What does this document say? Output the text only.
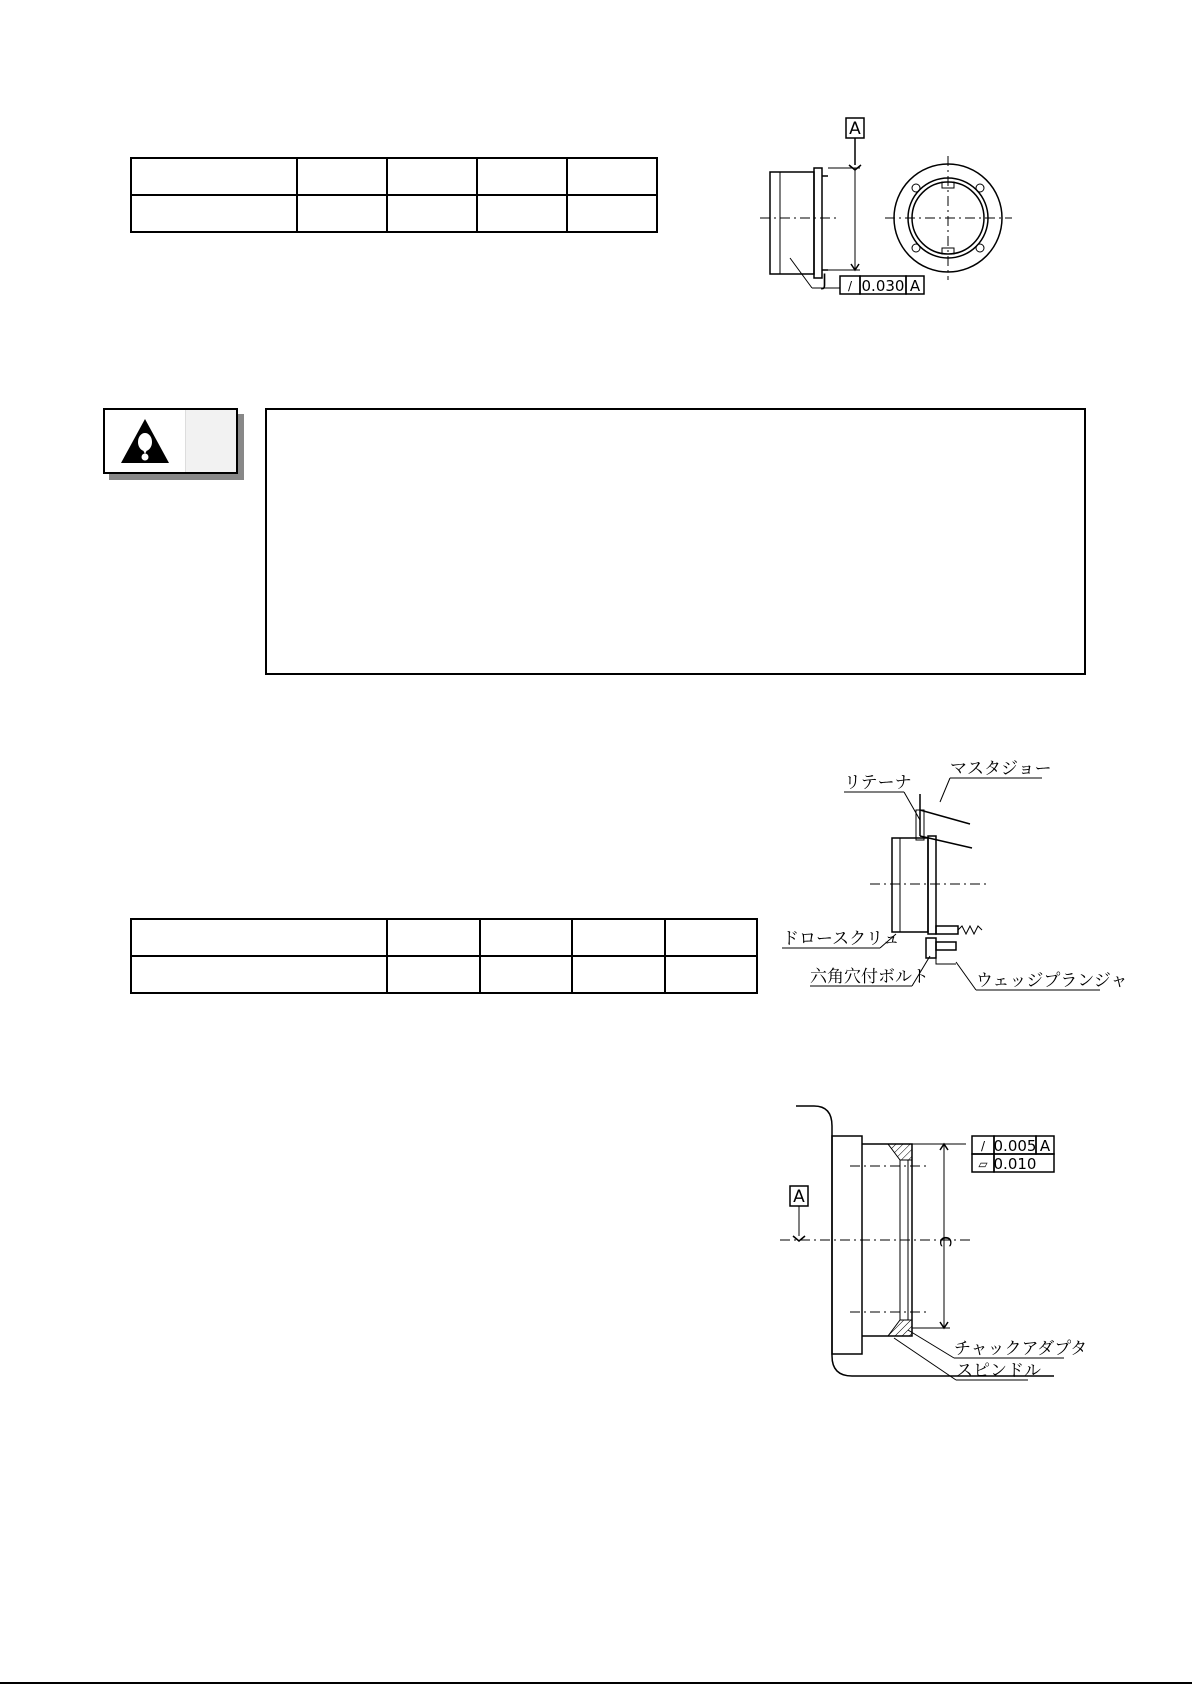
A
J / 0.030 A

マスタジョー
リテーナ
ドロースクリュ
六角穴付ボルト	ウェッジプランジャ
A
C
/ 0.005 A
▱ 0.010
チャックアダプタ
スピンドル
